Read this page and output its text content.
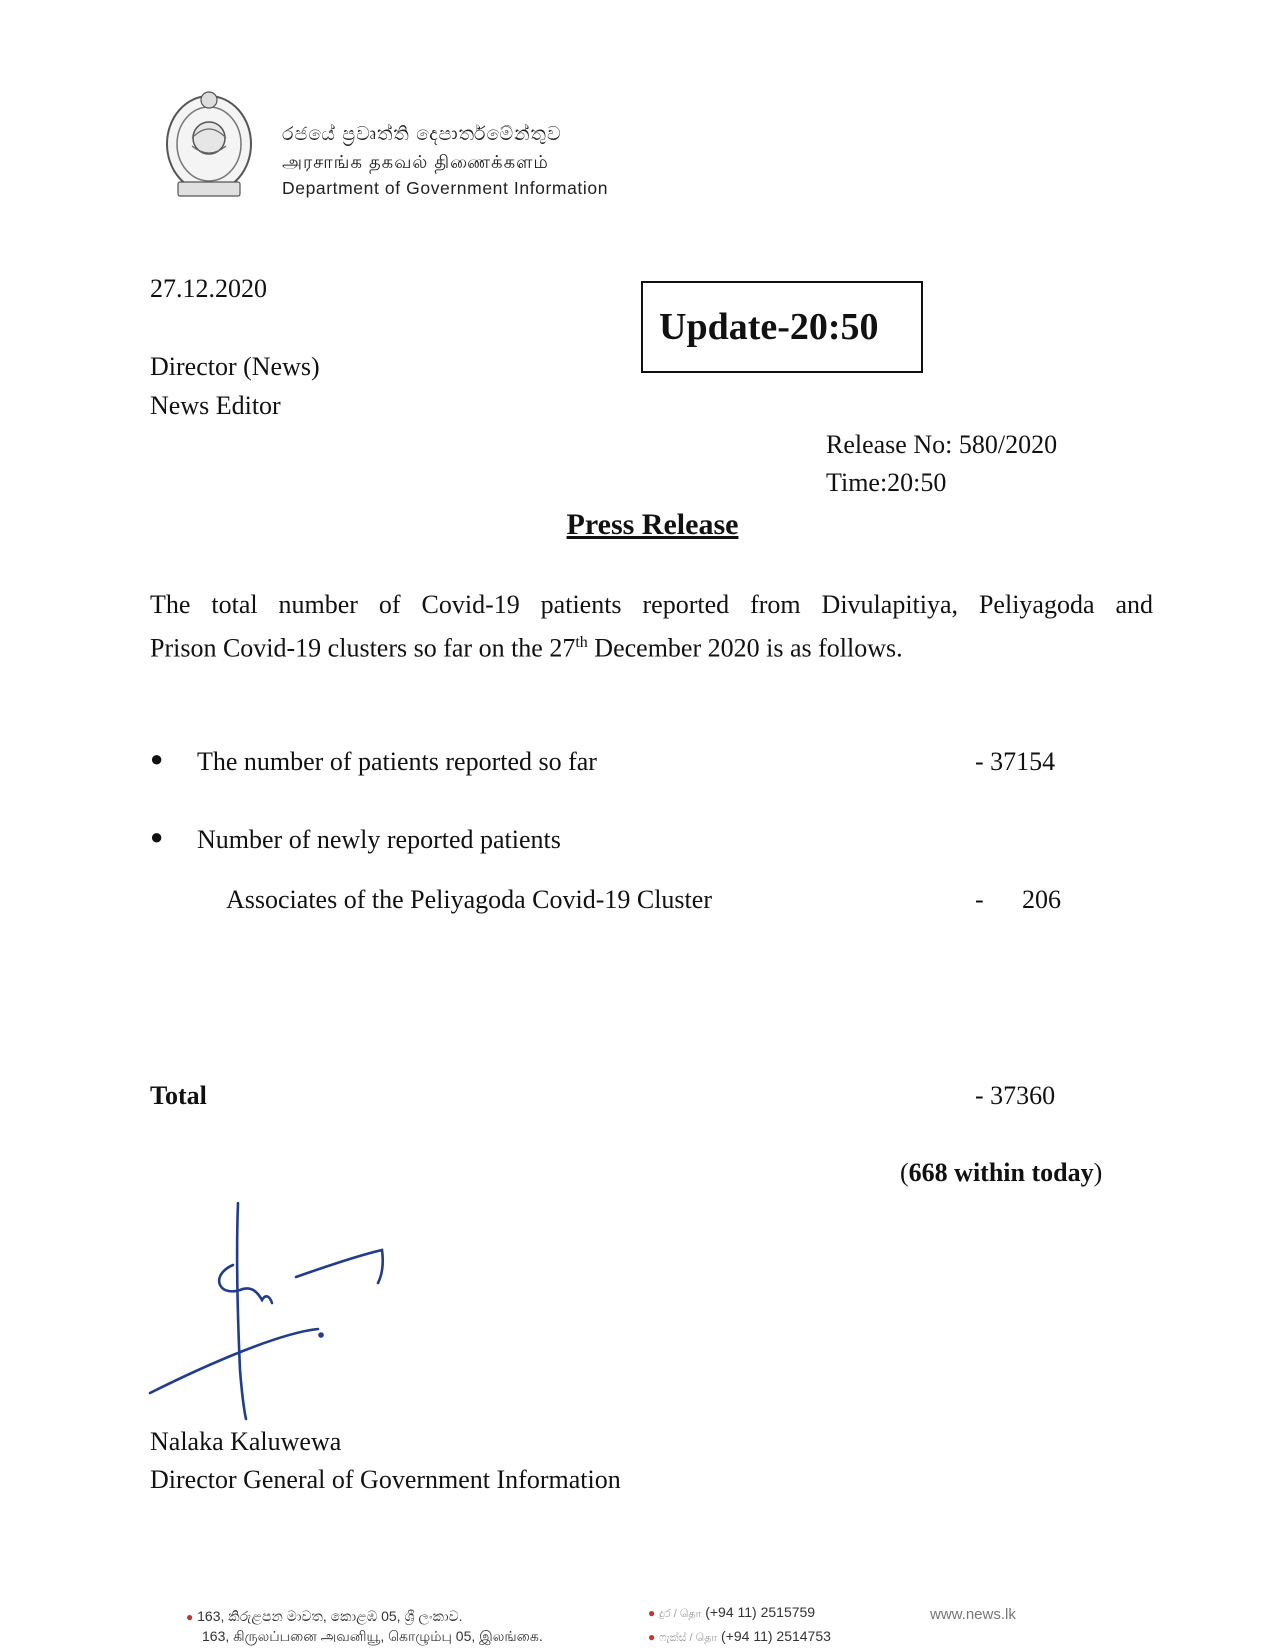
රජයේ ප්‍රවෘත්ති දෙපාර්තමේන්තුව
அரசாங்க தகவல் திணைக்களம்
Department of Government Information
27.12.2020
Update-20:50
Director (News)
News Editor
Release No: 580/2020
Time:20:50
Press Release
The total number of Covid-19 patients reported from Divulapitiya, Peliyagoda and
Prison Covid-19 clusters so far on the 27th December 2020 is as follows.
● The number of patients reported so far	- 37154
● Number of newly reported patients
Associates of the Peliyagoda Covid-19 Cluster	- 206
Total	- 37360
(668 within today)
Nalaka Kaluwewa
Director General of Government Information
● 163, කිරුළපන මාවත, කොළඹ 05, ශ්‍රී ලංකාව.
163, கிருலப்பனை அவனியூ, கொழும்பு 05, இலங்கை.
● දුර / தொ (+94 11) 2515759
● ෆැක්ස් / தொ (+94 11) 2514753
www.news.lk
